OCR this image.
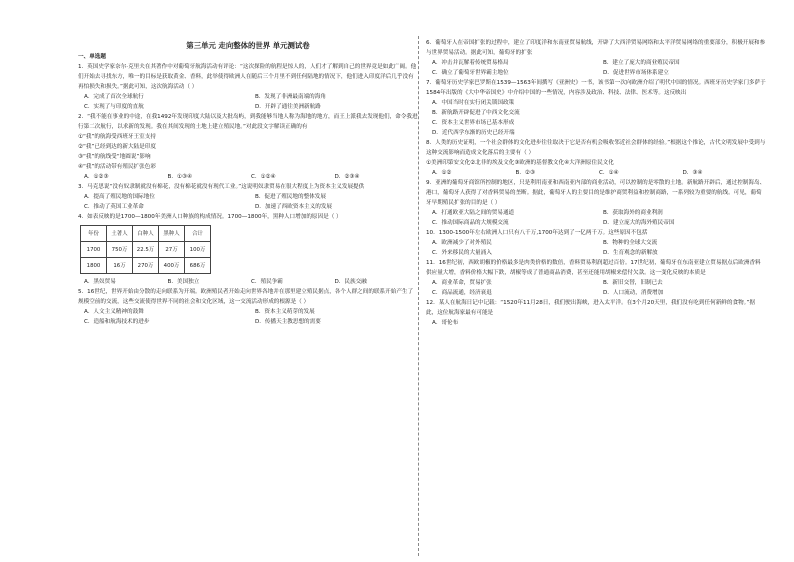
第三单元 走向整体的世界 单元测试卷

一、单选题

1．英国史学家奈尔·克里夫在其著作中对葡萄牙航海活动有评论：“这次探险的航程是惊人的，人们才了解到自己的世界竟是如此广阔。他们开始去寻找东方，唯一的目标是获取黄金、香料，此举使得欧洲人在随后三个月里不到任何陆地的情况下，他们进入印度洋后几乎没有再怕损失和损失。”据此可知，这次航海活动（ ）

A．完成了首次全球航行	B．发现了非洲最南端的海角
C．实现了与印度的直航	D．开辟了通往美洲新航路

2．“我不能在事业的中途，在我1492年发现印度大陆以及大批岛屿，到我能够当地人称为海地的地方，而王上派我去发现他们，命令我进行第二次航行，以求新的发现。我在其间发现的土地上建立殖民地。”对此段文字解读正确的有

①“我”的航海受西班牙王室支持

②“我”已经到达的新大陆是印度

③“我”的航线受“地圆说”影响

④“我”的活动带有殖民扩张色彩

A．①②③	B．①③④	C．①②④	D．②③④

3．马克思说“没有奴隶制就没有棉花，没有棉花就没有现代工业。”这说明奴隶贸易在很大程度上为资本主义发展提供

A．提高了殖民地的国际地位	B．促进了殖民地的整体发展
C．推动了英国工业革命	D．加速了西欧资本主义的发展

4．如表反映的是1700—1800年美洲人口种族的构成情况。1700—1800年，黑种人口增加的原因是（ ）

年份	土著人	白种人	黑种人	合计
1700	750万	22.5万	27万	100万
1800	16万	270万	400万	686万
A．黑奴贸易	B．美国独立	C．殖民争霸	D．民族交融

5．16世纪，世界开始由分散的走向联系为开端。欧洲殖民者开始走向世界各地并在那里建立殖民据点，各个人群之间的联系开始产生了规模空前的交流，这些交流使得世界不同的社会和文化区域，这一交流活动形成的根源是（ ）

A．人文主义精神的鼓舞	B．资本主义萌芽的发展
C．造船和航海技术的进步	D．传播天主教思想的需要

6．葡萄牙人在帝国扩张的过程中，建立了印度洋和东南亚贸易航线，开辟了大西洋贸易网络和太平洋贸易网络的重要部分，积极开展和参与世界贸易活动。据此可知，葡萄牙的扩张

A．冲击并瓦解着传统贸易格局	B．建立了庞大的商业殖民帝国
C．确立了葡萄牙世界霸主地位	D．促进世界市场体系建立

7．葡萄牙历史学家巴罗斯在1539—1563年间撰写《亚洲史》一书，该书第一次向欧洲介绍了明代中国的情况。西班牙历史学家门多萨于1584年出版的《大中华帝国史》中介绍中国的一些情况，内容涉及政治、科技、法律、医术等。这反映出

A．中国当时在实行闭关锁国政策

B．新航路开辟促进了中西文化交流

C．资本主义世界市场已基本形成

D．近代西学东渐的历史已经开端

8．人类的历史证明，一个社会群体的文化进步往往取决于它是否有机会吸收邻近社会群体的经验。”根据这个推论，古代文明发展中受到与这种交流影响而造成文化落后的主要有（ ）

①美洲印第安文化②北非的埃及文化③欧洲的基督教文化④大洋洲原住民文化

A．①②	B．②③	C．①④	D．③④

9．亚洲的葡萄牙商馆所控制的地区，只是利用南亚和西南亚内部的商业活动，可以控制的是零散的土地。新航路开辟后，通过控制海岛、港口，葡萄牙人获得了对香料贸易的垄断。据此，葡萄牙人的主要目的是维护商贸利益和控制商路，一系列较为重要的航线。可见，葡萄牙早期殖民扩张的目的是（ ）

A．打通欧亚大陆之间的贸易通道	B．获取海外的商业利润
C．推动国际商品的大规模交流	D．建立庞大的海外殖民帝国

10．1300-1500年左右欧洲人口只有八千万,1700年达到了一亿两千万。这些原因不包括

A．欧洲减少了对外殖民	B．物种的全球大交流
C．外来移民的大量涌入	D．生育观念的新解放

11．16世纪初，西欧胡椒的价格最多是肉类价格的数倍，香料贸易利润超过百倍。17世纪初，葡萄牙在东南亚建立贸易据点后欧洲香料供应量大增，香料价格大幅下跌，胡椒等成了普通商品消费，甚至还能用胡椒来偿付欠款。这一变化反映的本质是

A．商业革命，贸易扩张	B．新旧交替，旧制已去
C．商品流通，经济衰退	D．人口流动，消费增加

12．某人在航海日记中记载：“1520年11月28日，我们驶出海峡，进入太平洋。在3个月20天里，我们没有吃到任何新鲜的食物。”据此，这位航海家最有可能是

A．哥伦布
